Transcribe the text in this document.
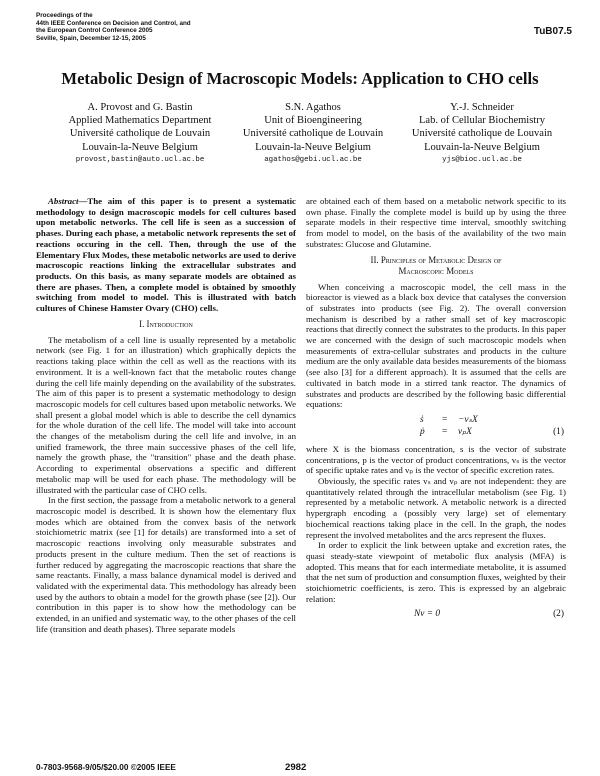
Proceedings of the
44th IEEE Conference on Decision and Control, and
the European Control Conference 2005
Seville, Spain, December 12-15, 2005
TuB07.5
Metabolic Design of Macroscopic Models: Application to CHO cells
A. Provost and G. Bastin
Applied Mathematics Department
Université catholique de Louvain
Louvain-la-Neuve Belgium
provost,bastin@auto.ucl.ac.be
S.N. Agathos
Unit of Bioengineering
Université catholique de Louvain
Louvain-la-Neuve Belgium
agathos@gebi.ucl.ac.be
Y.-J. Schneider
Lab. of Cellular Biochemistry
Université catholique de Louvain
Louvain-la-Neuve Belgium
yjs@bioc.ucl.ac.be

Abstract—The aim of this paper is to present a systematic methodology to design macroscopic models for cell cultures based upon metabolic networks. The cell life is seen as a succession of phases. During each phase, a metabolic network represents the set of reactions occuring in the cell. Then, through the use of the Elementary Flux Modes, these metabolic networks are used to derive macroscopic reactions linking the extracellular substrates and products. On this basis, as many separate models are obtained as there are phases. Then, a complete model is obtained by smoothly switching from model to model. This is illustrated with batch cultures of Chinese Hamster Ovary (CHO) cells.

I. Introduction

The metabolism of a cell line is usually represented by a metabolic network (see Fig. 1 for an illustration) which graphically depicts the reactions taking place within the cell as well as the reactions with its environment. It is a well-known fact that the metabolic routes change during the cell life mainly depending on the availability of the substrates. The aim of this paper is to present a systematic methodology to design macroscopic models for cell cultures based upon metabolic networks. We shall present a global model which is able to describe the cell dynamics for the whole duration of the cell life. The model will take into account the changes of the metabolism during the cell life and involve, in an unified framework, the three main successive phases of the cell life, namely the growth phase, the "transition" phase and the death phase. According to experimental observations a specific and different metabolic map will be used for each phase. The methodology will be illustrated with the particular case of CHO cells.

In the first section, the passage from a metabolic network to a general macroscopic model is described. It is shown how the elementary flux modes which are obtained from the convex basis of the network stoichiometric matrix (see [1] for details) are transformed into a set of macroscopic reactions involving only measurable substrates and products present in the culture medium. Then the set of reactions is further reduced by aggregating the macroscopic reactions that share the same reactants. Finally, a mass balance dynamical model is derived and validated with the experimental data. This methodology has already been used by the authors to obtain a model for the growth phase (see [2]). Our contribution in this paper is to show how the methodology can be extended, in an unified and systematic way, to the other phases of the cell life (transition and death phases). Three separate models

are obtained each of them based on a metabolic network specific to its own phase. Finally the complete model is build up by using the three separate models in their respective time interval, smoothly switching from model to model, on the basis of the availability of the two main substrates: Glucose and Glutamine.

II. Principles of Metabolic Design of
Macroscopic Models

When conceiving a macroscopic model, the cell mass in the bioreactor is viewed as a black box device that catalyses the conversion of substrates into products (see Fig. 2). The overall conversion mechanism is described by a rather small set of key macroscopic reactions that directly connect the substrates to the products. In this paper we are concerned with the design of such macroscopic models when measurements of extra-cellular substrates and products in the culture medium are the only available data besides measurements of the biomass (see also [3] for a different approach). It is assumed that the cells are cultivated in batch mode in a stirred tank reactor. The dynamics of substrates and products are described by the following basic differential equations:

ṡ = −vₛX
ṗ = vₚX	(1)

where X is the biomass concentration, s is the vector of substrate concentrations, p is the vector of product concentrations, vₛ is the vector of specific uptake rates and vₚ is the vector of specific excretion rates.

Obviously, the specific rates vₛ and vₚ are not independent: they are quantitatively related through the intracellular metabolism (see Fig. 1) represented by a metabolic network. A metabolic network is a directed hypergraph encoding a (possibly very large) set of elementary biochemical reactions taking place in the cell. In the graph, the nodes represent the involved metabolites and the arcs represent the fluxes.

In order to explicit the link between uptake and excretion rates, the quasi steady-state viewpoint of metabolic flux analysis (MFA) is adopted. This means that for each intermediate metabolite, it is assumed that the net sum of production and consumption fluxes, weighted by their stoichiometric coefficients, is zero. This is expressed by an algebraic relation:

Nv = 0	(2)
0-7803-9568-9/05/$20.00 ©2005 IEEE	2982
